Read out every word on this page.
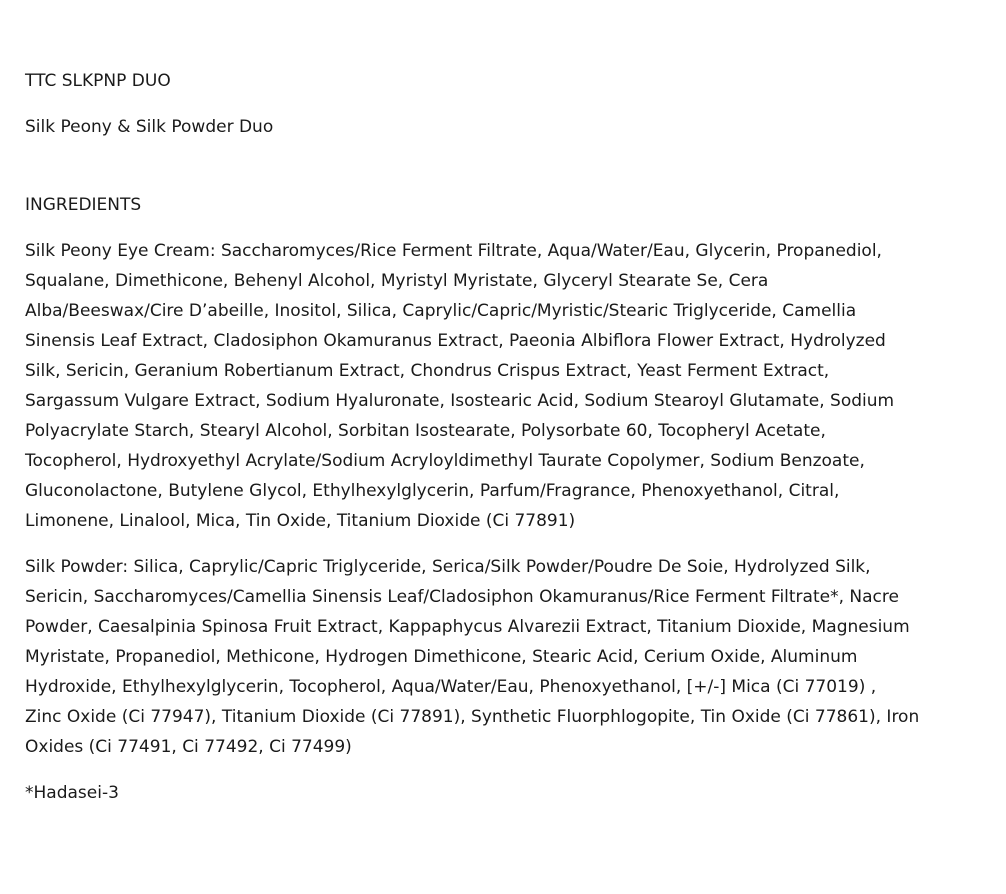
TTC SLKPNP DUO

Silk Peony & Silk Powder Duo

INGREDIENTS

Silk Peony Eye Cream: Saccharomyces/Rice Ferment Filtrate, Aqua/Water/Eau, Glycerin, Propanediol,

Squalane, Dimethicone, Behenyl Alcohol, Myristyl Myristate, Glyceryl Stearate Se, Cera

Alba/Beeswax/Cire D’abeille, Inositol, Silica, Caprylic/Capric/Myristic/Stearic Triglyceride, Camellia

Sinensis Leaf Extract, Cladosiphon Okamuranus Extract, Paeonia Albiflora Flower Extract, Hydrolyzed

Silk, Sericin, Geranium Robertianum Extract, Chondrus Crispus Extract, Yeast Ferment Extract,

Sargassum Vulgare Extract, Sodium Hyaluronate, Isostearic Acid, Sodium Stearoyl Glutamate, Sodium

Polyacrylate Starch, Stearyl Alcohol, Sorbitan Isostearate, Polysorbate 60, Tocopheryl Acetate,

Tocopherol, Hydroxyethyl Acrylate/Sodium Acryloyldimethyl Taurate Copolymer, Sodium Benzoate,

Gluconolactone, Butylene Glycol, Ethylhexylglycerin, Parfum/Fragrance, Phenoxyethanol, Citral,

Limonene, Linalool, Mica, Tin Oxide, Titanium Dioxide (Ci 77891)

Silk Powder: Silica, Caprylic/Capric Triglyceride, Serica/Silk Powder/Poudre De Soie, Hydrolyzed Silk,

Sericin, Saccharomyces/Camellia Sinensis Leaf/Cladosiphon Okamuranus/Rice Ferment Filtrate*, Nacre

Powder, Caesalpinia Spinosa Fruit Extract, Kappaphycus Alvarezii Extract, Titanium Dioxide, Magnesium

Myristate, Propanediol, Methicone, Hydrogen Dimethicone, Stearic Acid, Cerium Oxide, Aluminum

Hydroxide, Ethylhexylglycerin, Tocopherol, Aqua/Water/Eau, Phenoxyethanol, [+/-] Mica (Ci 77019) ,

Zinc Oxide (Ci 77947), Titanium Dioxide (Ci 77891), Synthetic Fluorphlogopite, Tin Oxide (Ci 77861), Iron

Oxides (Ci 77491, Ci 77492, Ci 77499)

*Hadasei-3
